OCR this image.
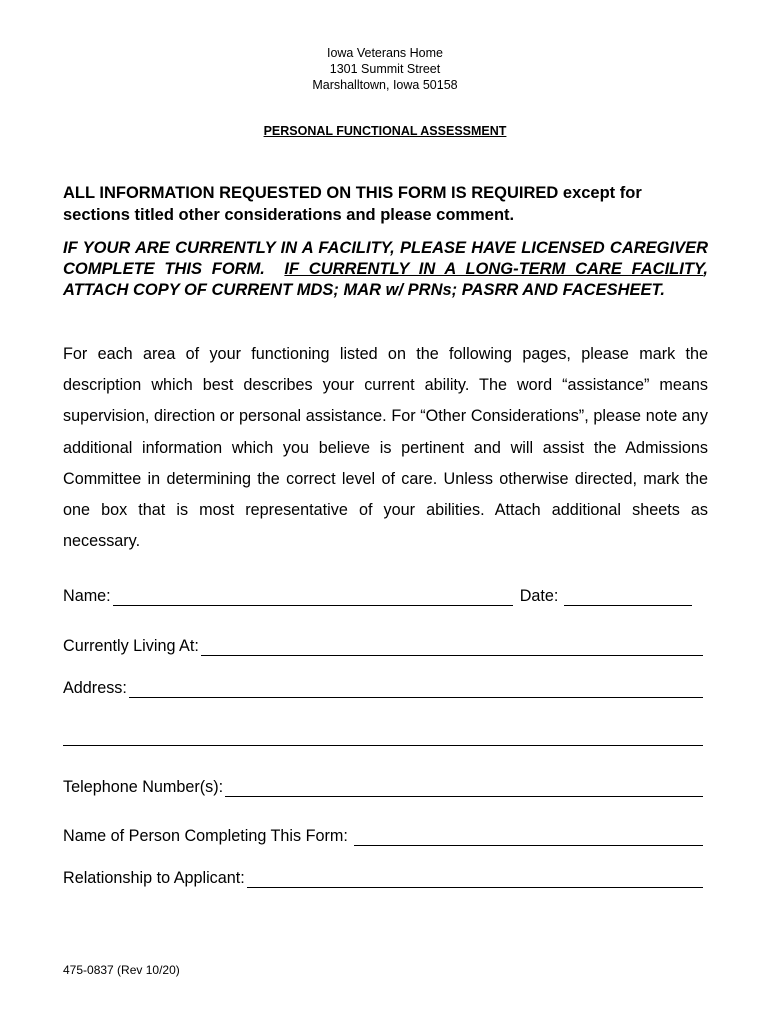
Iowa Veterans Home
1301 Summit Street
Marshalltown, Iowa 50158
PERSONAL FUNCTIONAL ASSESSMENT
ALL INFORMATION REQUESTED ON THIS FORM IS REQUIRED except for sections titled other considerations and please comment.
IF YOUR ARE CURRENTLY IN A FACILITY, PLEASE HAVE LICENSED CAREGIVER COMPLETE THIS FORM. IF CURRENTLY IN A LONG-TERM CARE FACILITY, ATTACH COPY OF CURRENT MDS; MAR w/ PRNs; PASRR AND FACESHEET.
For each area of your functioning listed on the following pages, please mark the description which best describes your current ability. The word “assistance” means supervision, direction or personal assistance. For “Other Considerations”, please note any additional information which you believe is pertinent and will assist the Admissions Committee in determining the correct level of care. Unless otherwise directed, mark the one box that is most representative of your abilities. Attach additional sheets as necessary.
Name:	Date:
Currently Living At:
Address:
Telephone Number(s):
Name of Person Completing This Form:
Relationship to Applicant:
475-0837 (Rev 10/20)
